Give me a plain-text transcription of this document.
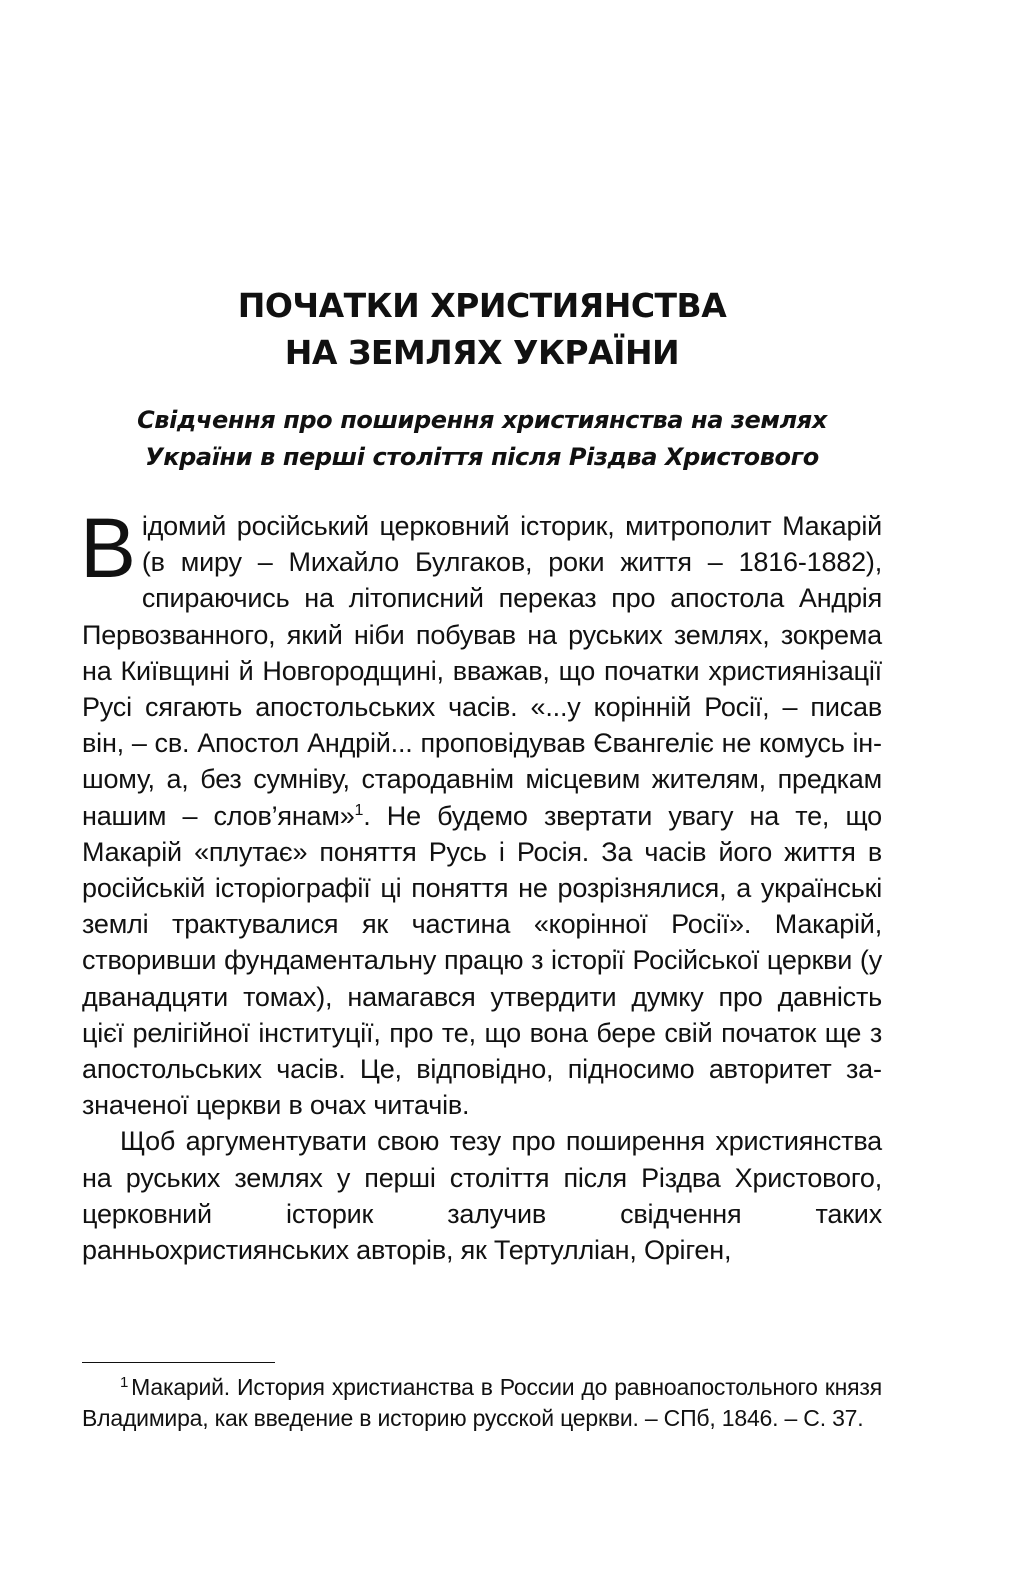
ПОЧАТКИ ХРИСТИЯНСТВА
НА ЗЕМЛЯХ УКРАЇНИ
Свідчення про поширення християнства на землях
України в перші століття після Різдва Христового

Відомий російський церковний історик, митрополит Макарій (в миру – Михайло Булгаков, роки життя – 1816-1882), спираючись на літописний переказ про апостола Андрія Первозванного, який ніби побував на руських землях, зокрема на Київщині й Новгородщині, вважав, що початки християнізації Русі сягають апостольських часів. «...у корінній Росії, – писав він, – св. Апостол Андрій... проповідував Євангеліє не комусь іншому, а, без сумніву, стародавнім місцевим жителям, предкам нашим – слов’янам»$^1$. Не будемо звертати увагу на те, що Макарій «плутає» поняття Русь і Росія. За часів його життя в російській історіографії ці поняття не розрізнялися, а українські землі трактувалися як частина «корінної Росії». Макарій, створивши фундаментальну працю з історії Російської церкви (у дванадцяти томах), намагався утвердити думку про давність цієї релігійної інституції, про те, що вона бере свій початок ще з апостольських часів. Це, відповідно, підносимо авторитет зазначеної церкви в очах читачів.

Щоб аргументувати свою тезу про поширення християнства на руських землях у перші століття після Різдва Христового, церковний історик залучив свідчення таких ранньохристиянських авторів, як Тертулліан, Оріген,

$^1$ Макарий. История христианства в России до равноапостольного князя Владимира, как введение в историю русской церкви. – СПб, 1846. – С. 37.
